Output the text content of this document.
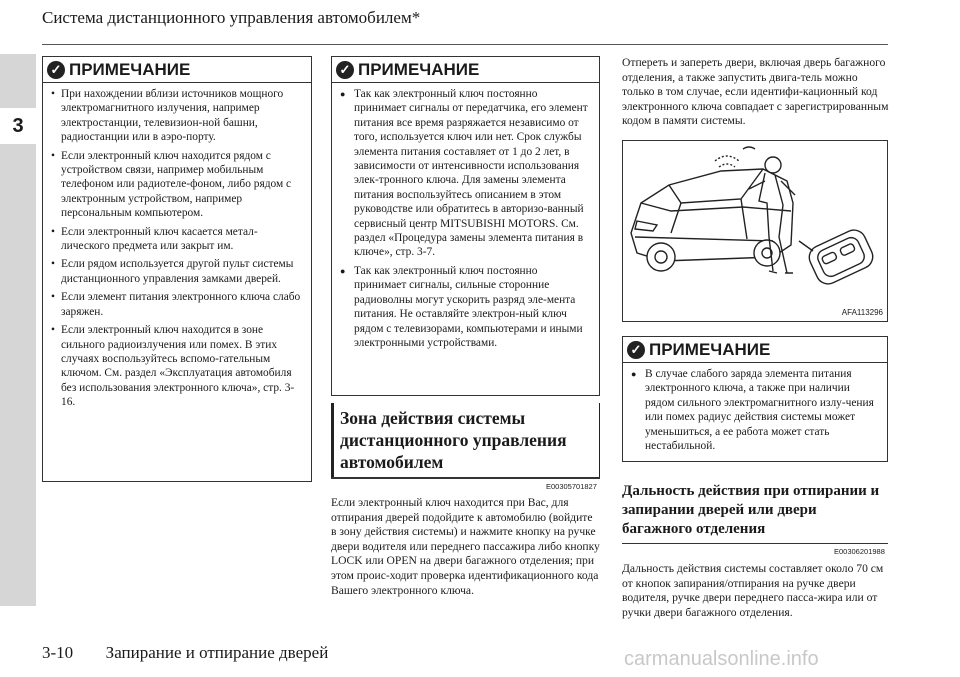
3
Система дистанционного управления автомобилем*
✓ ПРИМЕЧАНИЕ
• При нахождении вблизи источников мощного электромагнитного излучения, например электростанции, телевизион-ной башни, радиостанции или в аэро-порту.
• Если электронный ключ находится рядом с устройством связи, например мобильным телефоном или радиотеле-фоном, либо рядом с электронным устройством, например персональным компьютером.
• Если электронный ключ касается метал-лического предмета или закрыт им.
• Если рядом используется другой пульт системы дистанционного управления замками дверей.
• Если элемент питания электронного ключа слабо заряжен.
• Если электронный ключ находится в зоне сильного радиоизлучения или помех. В этих случаях воспользуйтесь вспомо-гательным ключом. См. раздел «Эксплуатация автомобиля без использования электронного ключа», стр. 3-16.
✓ ПРИМЕЧАНИЕ
● Так как электронный ключ постоянно принимает сигналы от передатчика, его элемент питания все время разряжается независимо от того, используется ключ или нет. Срок службы элемента питания составляет от 1 до 2 лет, в зависимости от интенсивности использования элек-тронного ключа. Для замены элемента питания воспользуйтесь описанием в этом руководстве или обратитесь в авторизо-ванный сервисный центр MITSUBISHI MOTORS. См. раздел «Процедура замены элемента питания в ключе», стр. 3-7.
● Так как электронный ключ постоянно принимает сигналы, сильные сторонние радиоволны могут ускорить разряд эле-мента питания. Не оставляйте электрон-ный ключ рядом с телевизорами, компьютерами и иными электронными устройствами.
Зона действия системы дистанционного управления автомобилем
E00305701827
Если электронный ключ находится при Вас, для отпирания дверей подойдите к автомобилю (войдите в зону действия системы) и нажмите кнопку на ручке двери водителя или переднего пассажира либо кнопку LOCK или OPEN на двери багажного отделения; при этом проис-ходит проверка идентификационного кода Вашего электронного ключа.
Отпереть и запереть двери, включая дверь багажного отделения, а также запустить двига-тель можно только в том случае, если идентифи-кационный код электронного ключа совпадает с зарегистрированным кодом в памяти системы.
AFA113296
✓ ПРИМЕЧАНИЕ
● В случае слабого заряда элемента питания электронного ключа, а также при наличии рядом сильного электромагнитного излу-чения или помех радиус действия системы может уменьшиться, а ее работа может стать нестабильной.
Дальность действия при отпирании и запирании дверей или двери багажного отделения
E00306201988
Дальность действия системы составляет около 70 см от кнопок запирания/отпирания на ручке двери водителя, ручке двери переднего пасса-жира или от ручки двери багажного отделения.
3-10 Запирание и отпирание дверей	carmanualsonline.info
